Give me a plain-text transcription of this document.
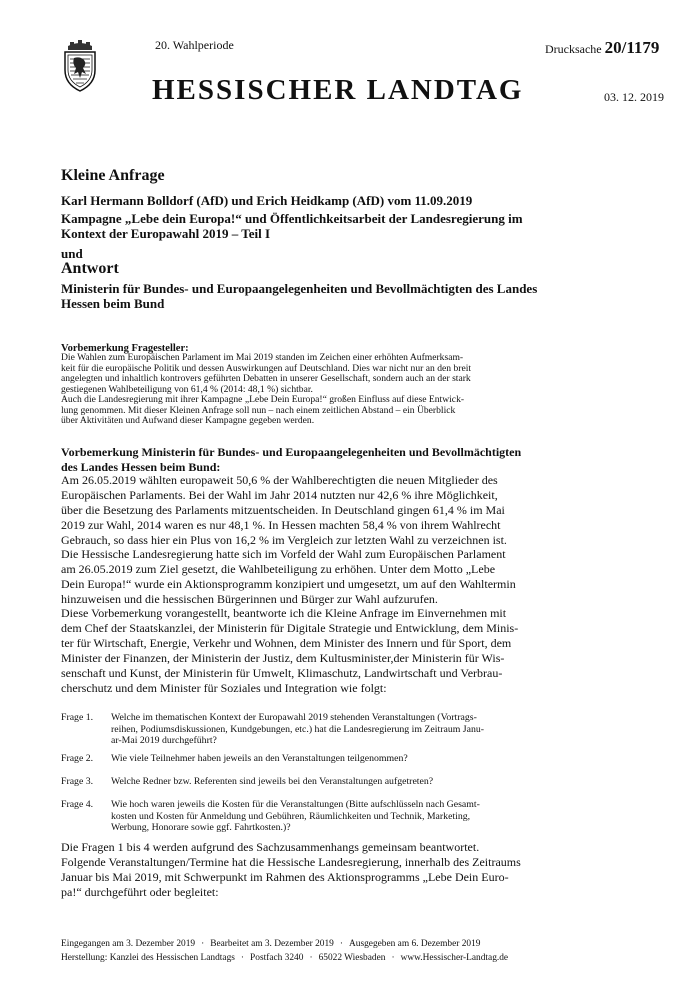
20. Wahlperiode	Drucksache 20/1179
HESSISCHER LANDTAG	03. 12. 2019
Kleine Anfrage
Karl Hermann Bolldorf (AfD) und Erich Heidkamp (AfD) vom 11.09.2019
Kampagne „Lebe dein Europa!“ und Öffentlichkeitsarbeit der Landesregierung im
Kontext der Europawahl 2019 – Teil I
und
Antwort
Ministerin für Bundes- und Europaangelegenheiten und Bevollmächtigten des Landes
Hessen beim Bund
Vorbemerkung Fragesteller:

Die Wahlen zum Europäischen Parlament im Mai 2019 standen im Zeichen einer erhöhten Aufmerksam-

keit für die europäische Politik und dessen Auswirkungen auf Deutschland. Dies war nicht nur an den breit

angelegten und inhaltlich kontrovers geführten Debatten in unserer Gesellschaft, sondern auch an der stark

gestiegenen Wahlbeteiligung von 61,4 % (2014: 48,1 %) sichtbar.

Auch die Landesregierung mit ihrer Kampagne „Lebe Dein Europa!“ großen Einfluss auf diese Entwick-

lung genommen. Mit dieser Kleinen Anfrage soll nun – nach einem zeitlichen Abstand – ein Überblick

über Aktivitäten und Aufwand dieser Kampagne gegeben werden.

Vorbemerkung Ministerin für Bundes- und Europaangelegenheiten und Bevollmächtigten

des Landes Hessen beim Bund:

Am 26.05.2019 wählten europaweit 50,6 % der Wahlberechtigten die neuen Mitglieder des

Europäischen Parlaments. Bei der Wahl im Jahr 2014 nutzten nur 42,6 % ihre Möglichkeit,

über die Besetzung des Parlaments mitzuentscheiden. In Deutschland gingen 61,4 % im Mai

2019 zur Wahl, 2014 waren es nur 48,1 %. In Hessen machten 58,4 % von ihrem Wahlrecht

Gebrauch, so dass hier ein Plus von 16,2 % im Vergleich zur letzten Wahl zu verzeichnen ist.

Die Hessische Landesregierung hatte sich im Vorfeld der Wahl zum Europäischen Parlament

am 26.05.2019 zum Ziel gesetzt, die Wahlbeteiligung zu erhöhen. Unter dem Motto „Lebe

Dein Europa!“ wurde ein Aktionsprogramm konzipiert und umgesetzt, um auf den Wahltermin

hinzuweisen und die hessischen Bürgerinnen und Bürger zur Wahl aufzurufen.

Diese Vorbemerkung vorangestellt, beantworte ich die Kleine Anfrage im Einvernehmen mit

dem Chef der Staatskanzlei, der Ministerin für Digitale Strategie und Entwicklung, dem Minis-

ter für Wirtschaft, Energie, Verkehr und Wohnen, dem Minister des Innern und für Sport, dem

Minister der Finanzen, der Ministerin der Justiz, dem Kultusminister,der Ministerin für Wis-

senschaft und Kunst, der Ministerin für Umwelt, Klimaschutz, Landwirtschaft und Verbrau-

cherschutz und dem Minister für Soziales und Integration wie folgt:

Frage 1.	Welche im thematischen Kontext der Europawahl 2019 stehenden Veranstaltungen (Vortrags-
reihen, Podiumsdiskussionen, Kundgebungen, etc.) hat die Landesregierung im Zeitraum Janu-
ar-Mai 2019 durchgeführt?
Frage 2.	Wie viele Teilnehmer haben jeweils an den Veranstaltungen teilgenommen?
Frage 3.	Welche Redner bzw. Referenten sind jeweils bei den Veranstaltungen aufgetreten?
Frage 4.	Wie hoch waren jeweils die Kosten für die Veranstaltungen (Bitte aufschlüsseln nach Gesamt-
kosten und Kosten für Anmeldung und Gebühren, Räumlichkeiten und Technik, Marketing,
Werbung, Honorare sowie ggf. Fahrtkosten.)?
Die Fragen 1 bis 4 werden aufgrund des Sachzusammenhangs gemeinsam beantwortet.

Folgende Veranstaltungen/Termine hat die Hessische Landesregierung, innerhalb des Zeitraums

Januar bis Mai 2019, mit Schwerpunkt im Rahmen des Aktionsprogramms „Lebe Dein Euro-

pa!“ durchgeführt oder begleitet:

Eingegangen am 3. Dezember 2019 · Bearbeitet am 3. Dezember 2019 · Ausgegeben am 6. Dezember 2019
Herstellung: Kanzlei des Hessischen Landtags · Postfach 3240 · 65022 Wiesbaden · www.Hessischer-Landtag.de
